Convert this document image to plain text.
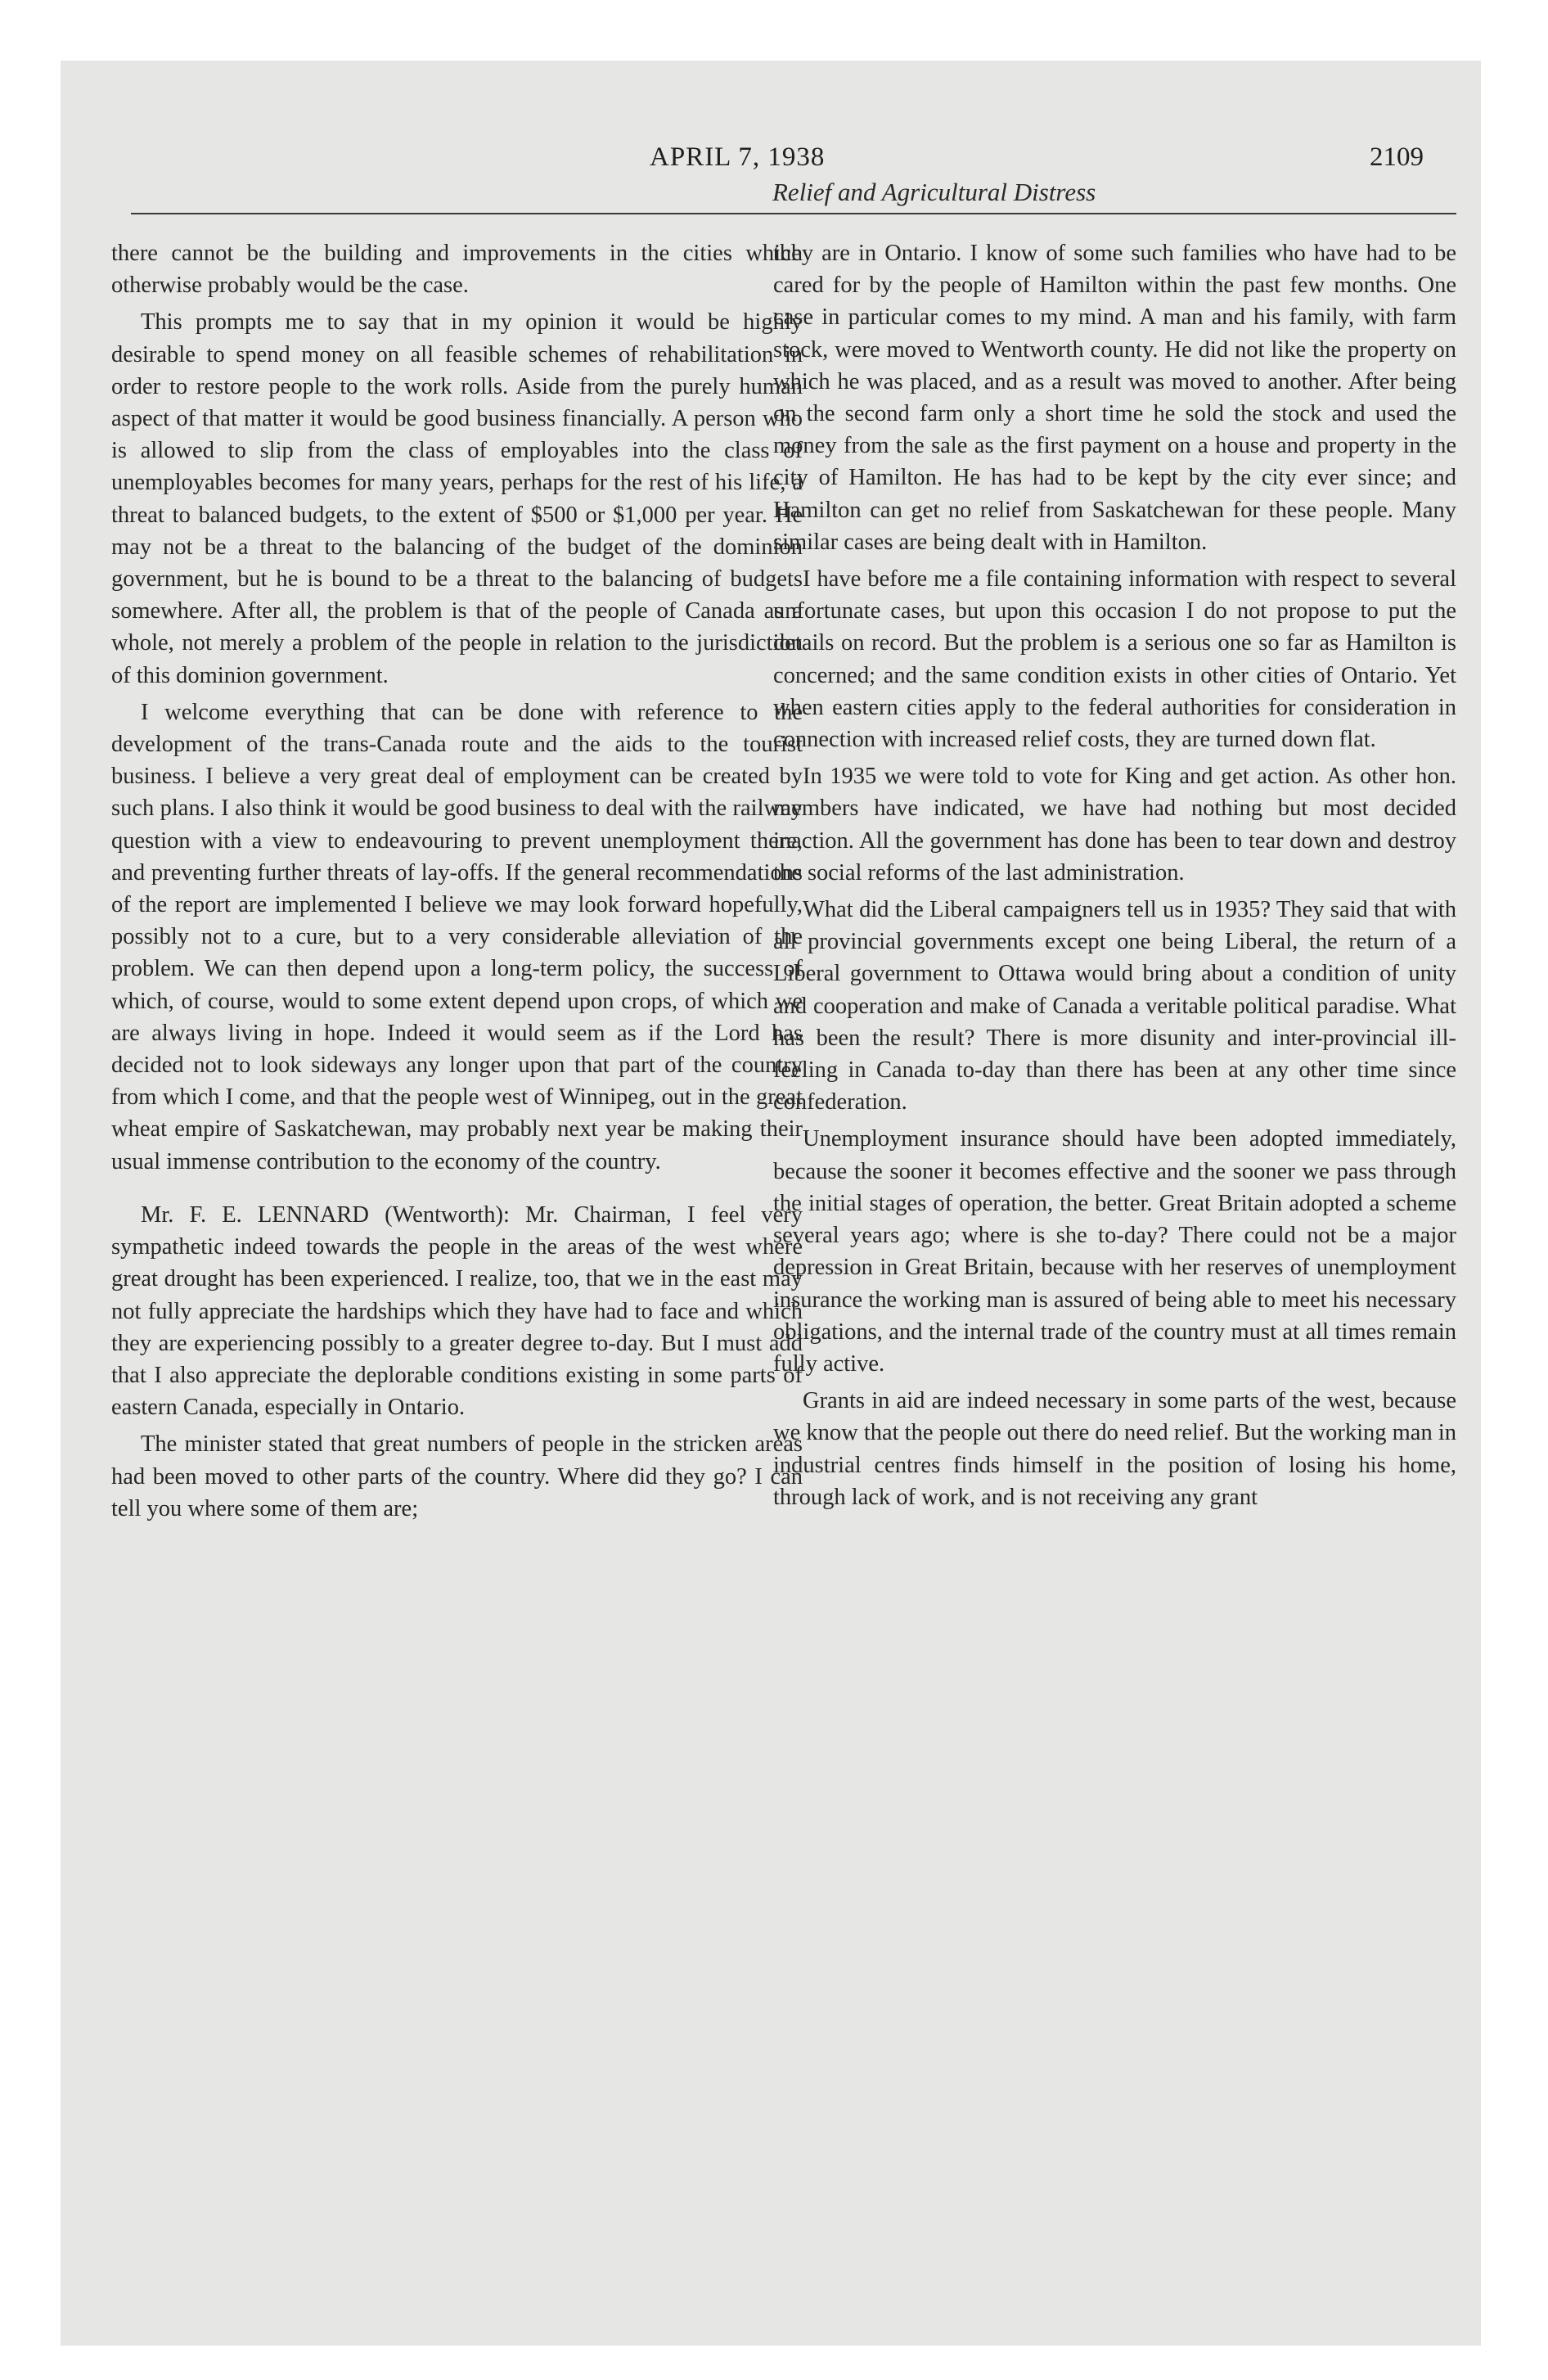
APRIL 7, 1938	2109
Relief and Agricultural Distress

there cannot be the building and improvements in the cities which otherwise probably would be the case.

This prompts me to say that in my opinion it would be highly desirable to spend money on all feasible schemes of rehabilitation in order to restore people to the work rolls. Aside from the purely human aspect of that matter it would be good business financially. A person who is allowed to slip from the class of employables into the class of unemployables becomes for many years, perhaps for the rest of his life, a threat to balanced budgets, to the extent of $500 or $1,000 per year. He may not be a threat to the balancing of the budget of the dominion government, but he is bound to be a threat to the balancing of budgets somewhere. After all, the problem is that of the people of Canada as a whole, not merely a problem of the people in relation to the jurisdiction of this dominion government.

I welcome everything that can be done with reference to the development of the trans-Canada route and the aids to the tourist business. I believe a very great deal of employment can be created by such plans. I also think it would be good business to deal with the railway question with a view to endeavouring to prevent unemployment there, and preventing further threats of lay-offs. If the general recommendations of the report are implemented I believe we may look forward hopefully, possibly not to a cure, but to a very considerable alleviation of the problem. We can then depend upon a long-term policy, the success of which, of course, would to some extent depend upon crops, of which we are always living in hope. Indeed it would seem as if the Lord has decided not to look sideways any longer upon that part of the country from which I come, and that the people west of Winnipeg, out in the great wheat empire of Saskatchewan, may probably next year be making their usual immense contribution to the economy of the country.

Mr. F. E. LENNARD (Wentworth): Mr. Chairman, I feel very sympathetic indeed towards the people in the areas of the west where great drought has been experienced. I realize, too, that we in the east may not fully appreciate the hardships which they have had to face and which they are experiencing possibly to a greater degree to-day. But I must add that I also appreciate the deplorable conditions existing in some parts of eastern Canada, especially in Ontario.

The minister stated that great numbers of people in the stricken areas had been moved to other parts of the country. Where did they go? I can tell you where some of them are;

they are in Ontario. I know of some such families who have had to be cared for by the people of Hamilton within the past few months. One case in particular comes to my mind. A man and his family, with farm stock, were moved to Wentworth county. He did not like the property on which he was placed, and as a result was moved to another. After being on the second farm only a short time he sold the stock and used the money from the sale as the first payment on a house and property in the city of Hamilton. He has had to be kept by the city ever since; and Hamilton can get no relief from Saskatchewan for these people. Many similar cases are being dealt with in Hamilton.

I have before me a file containing information with respect to several unfortunate cases, but upon this occasion I do not propose to put the details on record. But the problem is a serious one so far as Hamilton is concerned; and the same condition exists in other cities of Ontario. Yet when eastern cities apply to the federal authorities for consideration in connection with increased relief costs, they are turned down flat.

In 1935 we were told to vote for King and get action. As other hon. members have indicated, we have had nothing but most decided inaction. All the government has done has been to tear down and destroy the social reforms of the last administration.

What did the Liberal campaigners tell us in 1935? They said that with all provincial governments except one being Liberal, the return of a Liberal government to Ottawa would bring about a condition of unity and cooperation and make of Canada a veritable political paradise. What has been the result? There is more disunity and inter-provincial ill-feeling in Canada to-day than there has been at any other time since confederation.

Unemployment insurance should have been adopted immediately, because the sooner it becomes effective and the sooner we pass through the initial stages of operation, the better. Great Britain adopted a scheme several years ago; where is she to-day? There could not be a major depression in Great Britain, because with her reserves of unemployment insurance the working man is assured of being able to meet his necessary obligations, and the internal trade of the country must at all times remain fully active.

Grants in aid are indeed necessary in some parts of the west, because we know that the people out there do need relief. But the working man in industrial centres finds himself in the position of losing his home, through lack of work, and is not receiving any grant
